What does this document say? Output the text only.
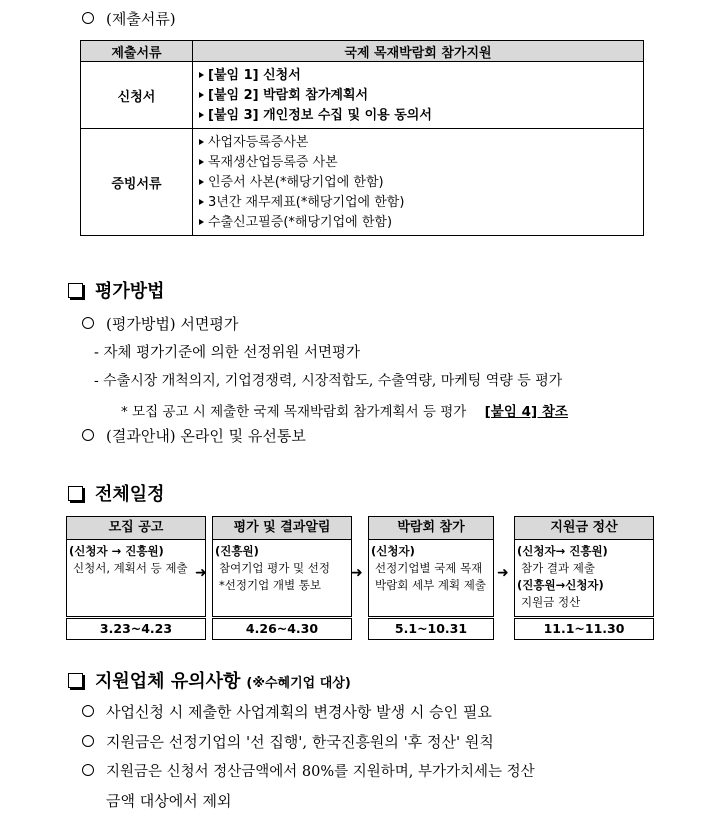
(제출서류)
제출서류	국제 목재박람회 참가지원
신청서	[붙임 1] 신청서
[붙임 2] 박람회 참가계획서
[붙임 3] 개인정보 수집 및 이용 동의서

증빙서류	사업자등록증사본
목재생산업등록증 사본
인증서 사본(*해당기업에 한함)
3년간 재무제표(*해당기업에 한함)
수출신고필증(*해당기업에 한함)
평가방법
(평가방법) 서면평가
- 자체 평가기준에 의한 선정위원 서면평가
- 수출시장 개척의지, 기업경쟁력, 시장적합도, 수출역량, 마케팅 역량 등 평가
* 모집 공고 시 제출한 국제 목재박람회 참가계획서 등 평가 [붙임 4] 참조
(결과안내) 온라인 및 유선통보
전체일정
모집 공고
(신청자 → 진흥원)
신청서, 계획서 등 제출
3.23~4.23
➜
평가 및 결과알림
(진흥원)
참여기업 평가 및 선정
*선정기업 개별 통보
4.26~4.30
➜
박람회 참가
(신청자)
선정기업별 국제 목재
박람회 세부 계획 제출
5.1~10.31
➜
지원금 정산
(신청자→ 진흥원)
참가 결과 제출
(진흥원→신청자)
지원금 정산
11.1~11.30
지원업체 유의사항 (※수혜기업 대상)
사업신청 시 제출한 사업계획의 변경사항 발생 시 승인 필요
지원금은 선정기업의 '선 집행', 한국진흥원의 '후 정산' 원칙
지원금은 신청서 정산금액에서 80%를 지원하며, 부가가치세는 정산
금액 대상에서 제외
